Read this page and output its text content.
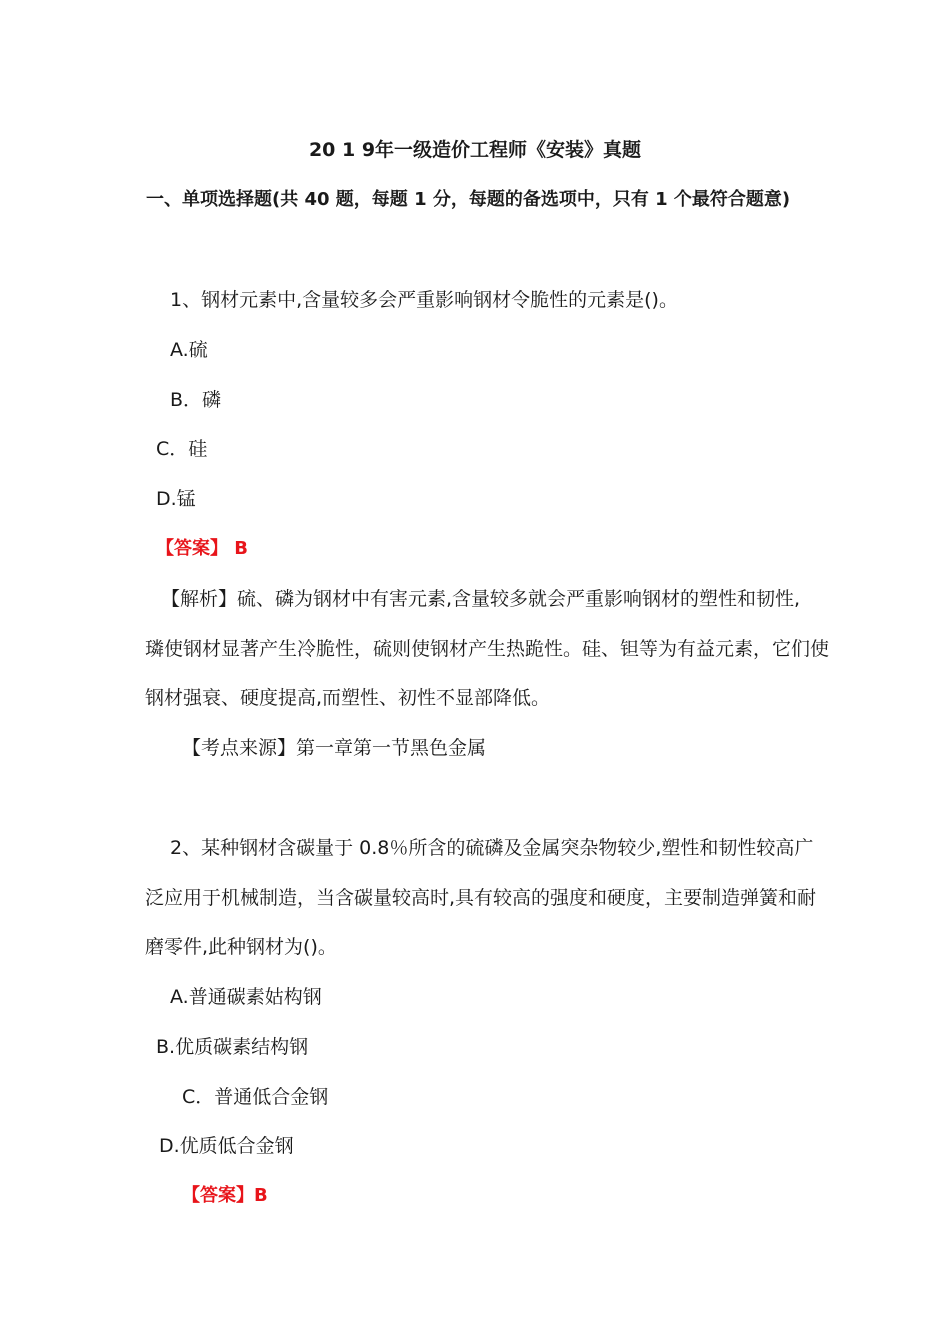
20 1 9年一级造价工程师《安装》真题
一、单项选择题(共 40 题，每题 1 分，每题的备选项中，只有 1 个最符合题意)
1、钢材元素中,含量较多会严重影响钢材令脆性的元素是()。
A.硫
B．磷
C．硅
D.锰
【答案】 B
【解析】硫、磷为钢材中有害元素,含量较多就会严重影响钢材的塑性和韧性,
璘使钢材显著产生冷脆性，硫则使钢材产生热跪性。硅、钽等为有益元素，它们使
钢材强衰、硬度提高,而塑性、初性不显部降低。
【考点来源】第一章第一节黑色金属
2、某种钢材含碳量于 0.8％所含的硫磷及金属突杂物较少,塑性和韧性较高广
泛应用于机械制造，当含碳量较高时,具有较高的强度和硬度，主要制造弹簧和耐
磨零件,此种钢材为()。
A.普通碳素姑构钢
B.优质碳素结构钢
C．普通低合金钢
D.优质低合金钢
【答案】B
